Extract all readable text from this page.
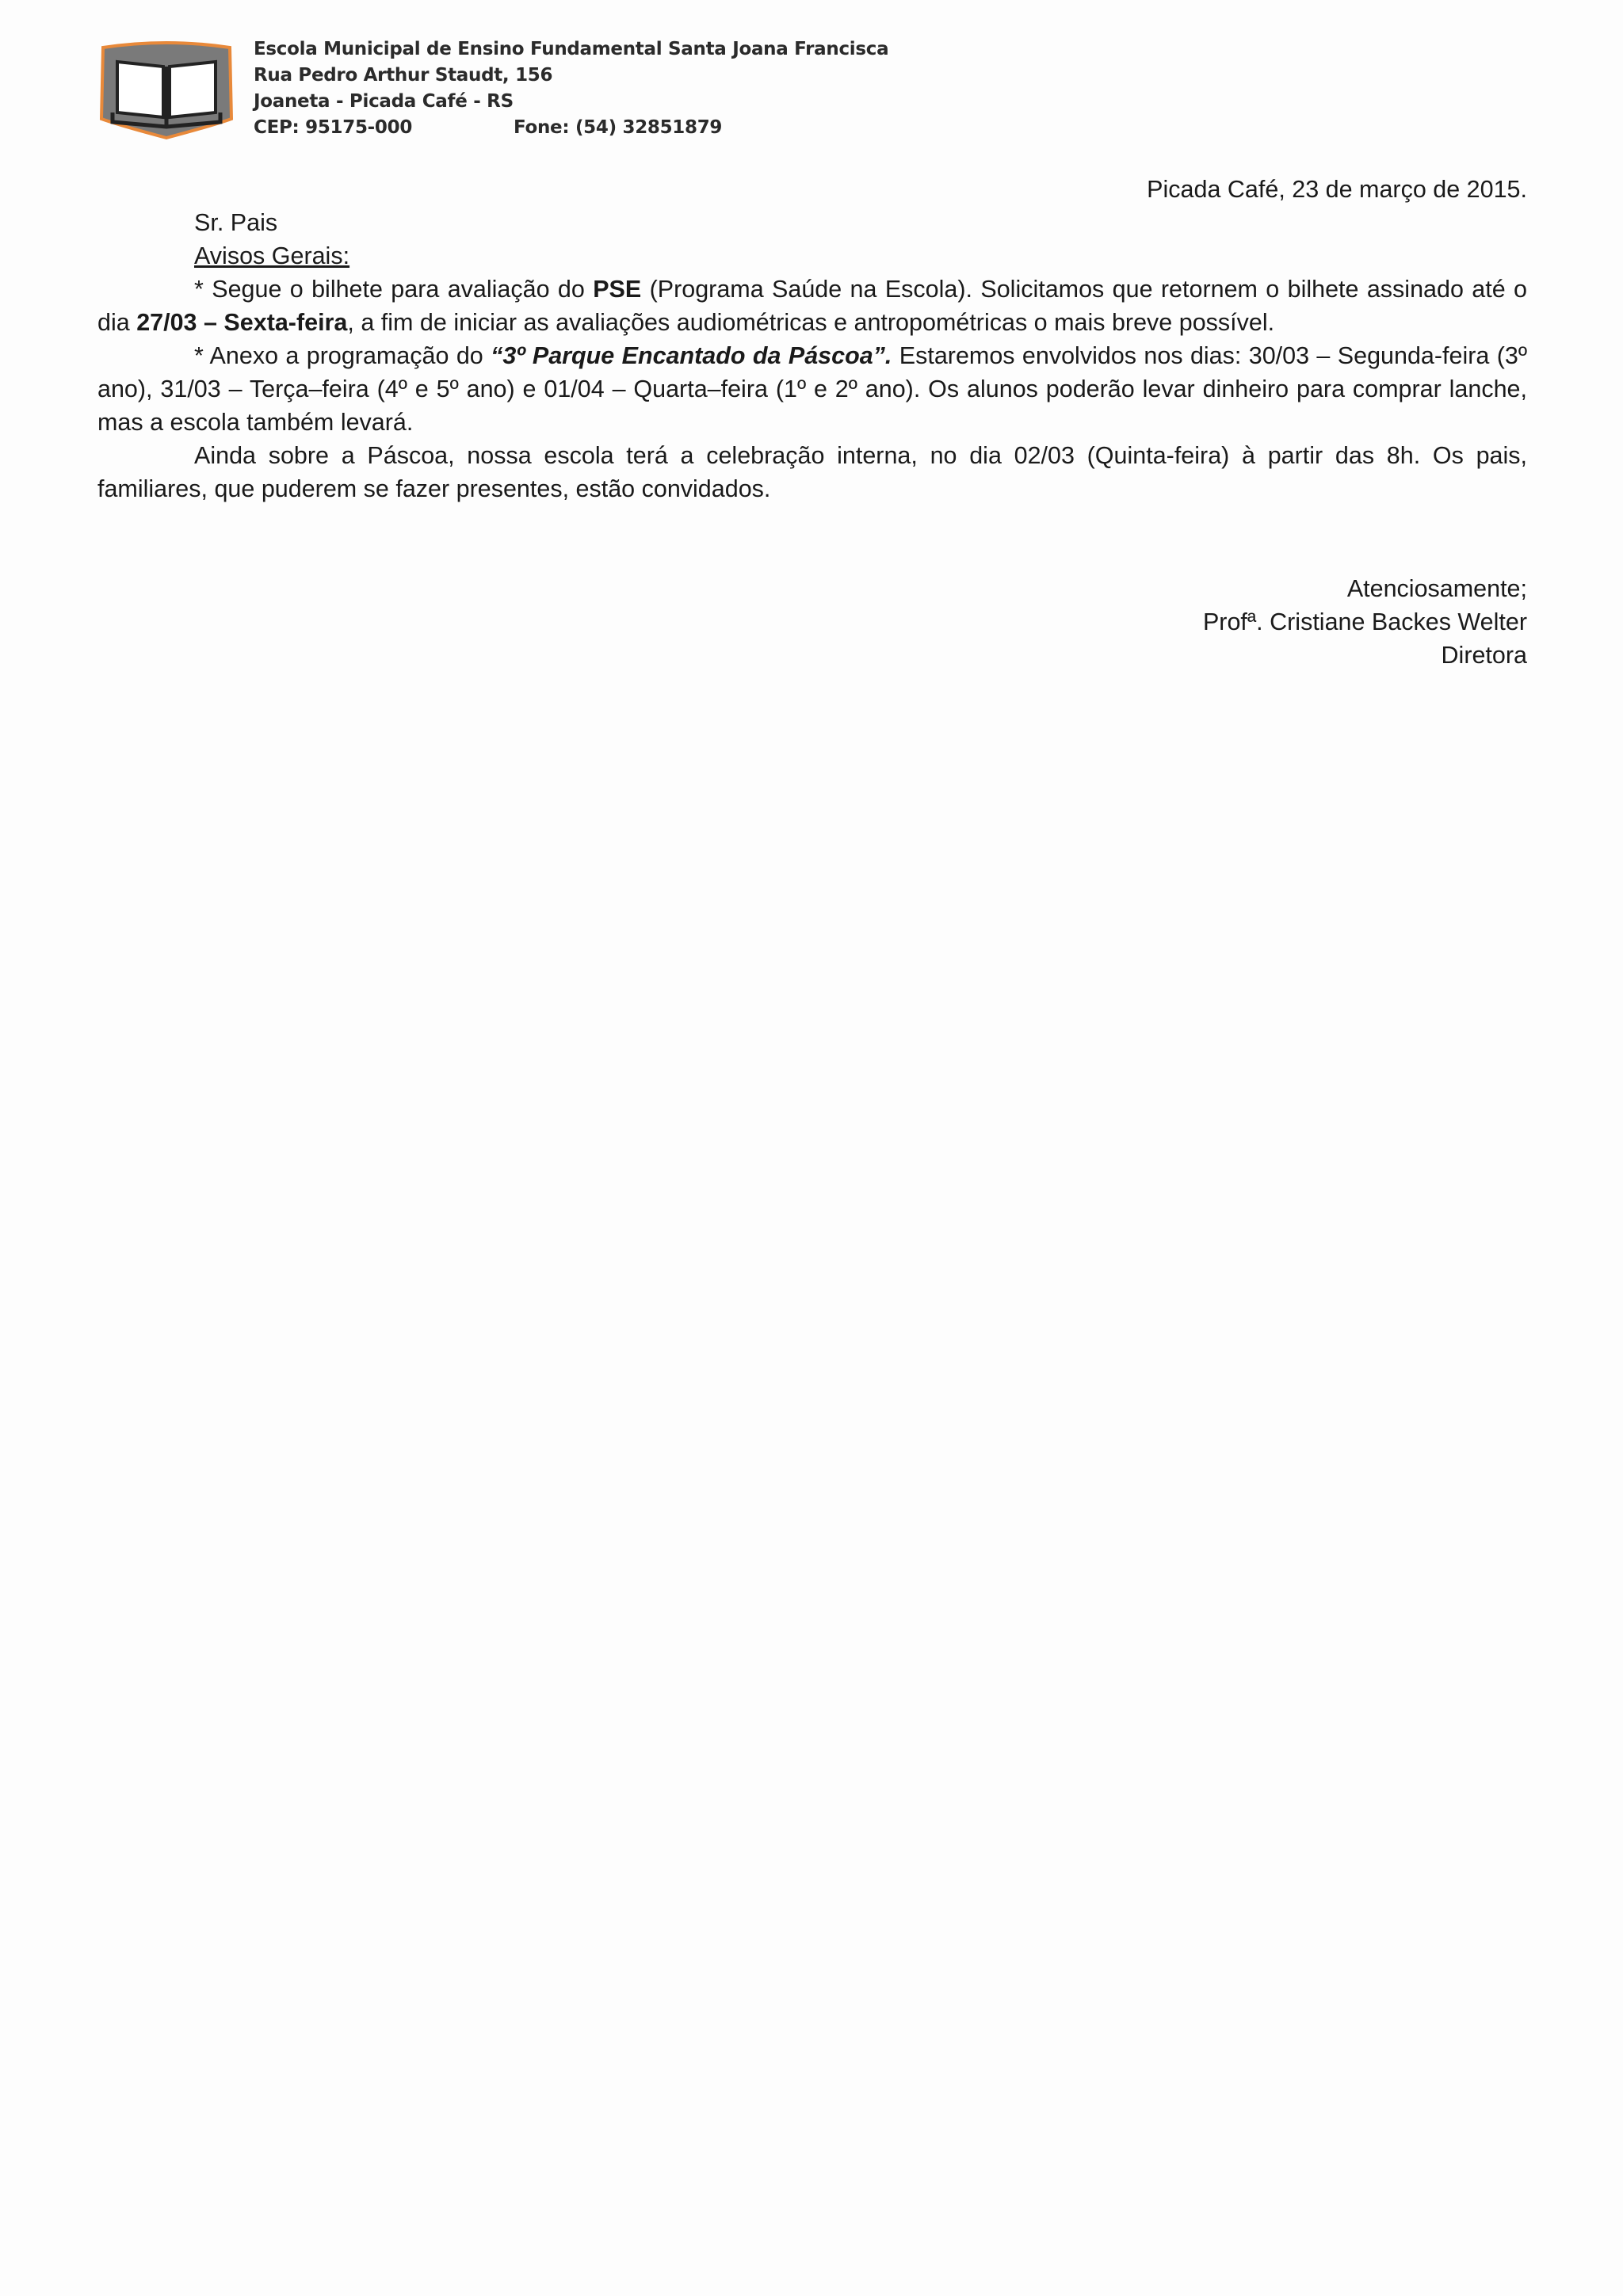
Escola Municipal de Ensino Fundamental Santa Joana Francisca
Rua Pedro Arthur Staudt, 156
Joaneta - Picada Café - RS
CEP: 95175-000	Fone: (54) 32851879
Picada Café, 23 de março de 2015.
Sr. Pais
Avisos Gerais:

* Segue o bilhete para avaliação do PSE (Programa Saúde na Escola). Solicitamos que retornem o bilhete assinado até o dia 27/03 – Sexta-feira, a fim de iniciar as avaliações audiométricas e antropométricas o mais breve possível.

* Anexo a programação do “3º Parque Encantado da Páscoa”. Estaremos envolvidos nos dias: 30/03 – Segunda-feira (3º ano), 31/03 – Terça–feira (4º e 5º ano) e 01/04 – Quarta–feira (1º e 2º ano). Os alunos poderão levar dinheiro para comprar lanche, mas a escola também levará.

Ainda sobre a Páscoa, nossa escola terá a celebração interna, no dia 02/03 (Quinta-feira) à partir das 8h. Os pais, familiares, que puderem se fazer presentes, estão convidados.

Atenciosamente;
Profª. Cristiane Backes Welter
Diretora
